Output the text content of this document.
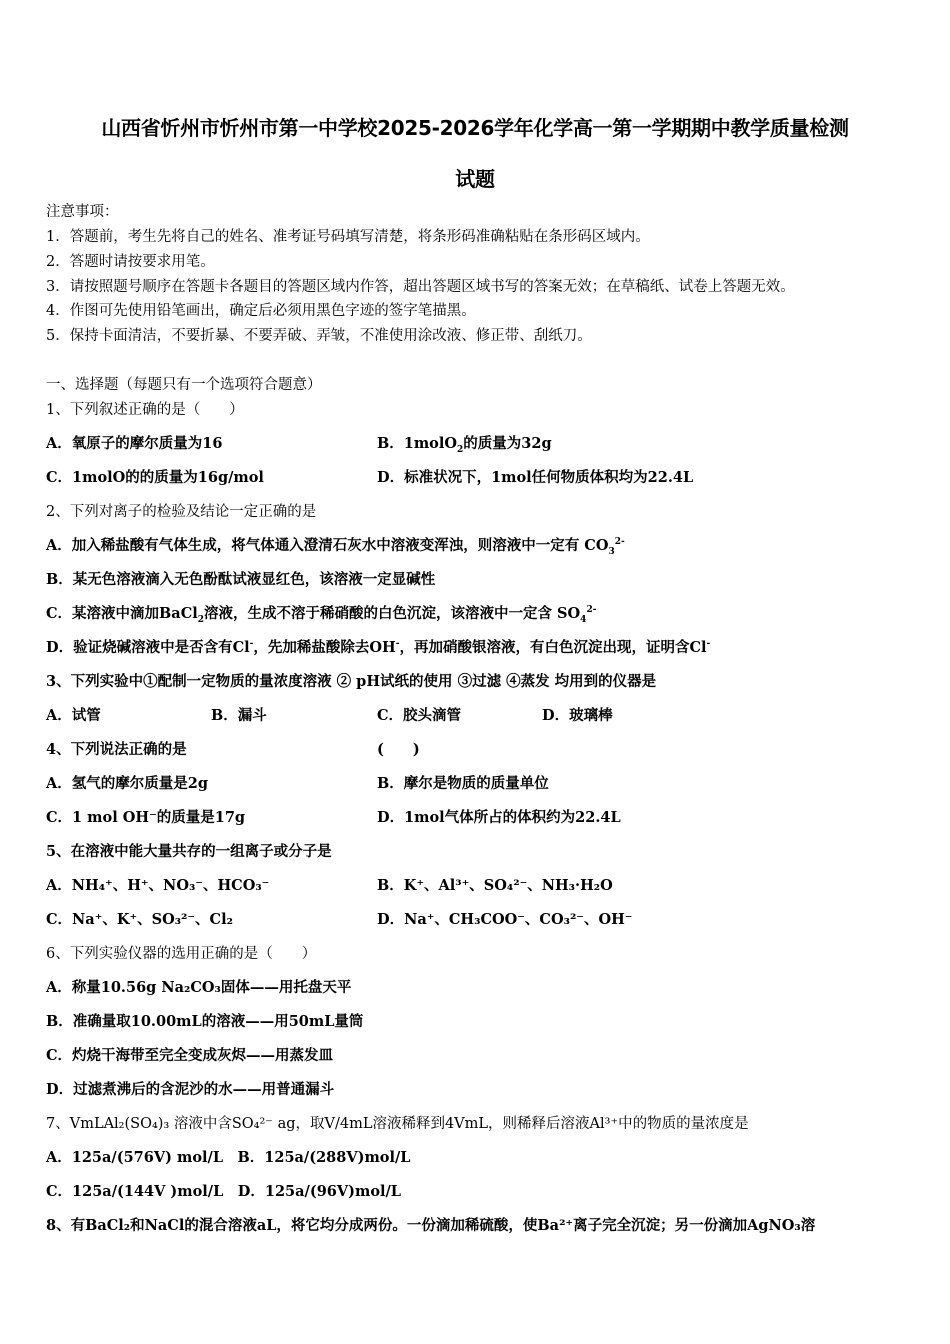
山西省忻州市忻州市第一中学校2025-2026学年化学高一第一学期期中教学质量检测
试题
注意事项：
1．答题前，考生先将自己的姓名、准考证号码填写清楚，将条形码准确粘贴在条形码区域内。
2．答题时请按要求用笔。
3．请按照题号顺序在答题卡各题目的答题区域内作答，超出答题区域书写的答案无效；在草稿纸、试卷上答题无效。
4．作图可先使用铅笔画出，确定后必须用黑色字迹的签字笔描黑。
5．保持卡面清洁，不要折暴、不要弄破、弄皱，不准使用涂改液、修正带、刮纸刀。
一、选择题（每题只有一个选项符合题意）
1、下列叙述正确的是（　　）
A．氧原子的摩尔质量为16	B．1molO$_2$的质量为32g
C．1molO的的质量为16g/mol	D．标准状况下，1mol任何物质体积均为22.4L
2、下列对离子的检验及结论一定正确的是
A．加入稀盐酸有气体生成，将气体通入澄清石灰水中溶液变浑浊，则溶液中一定有 $CO_3^{2-}$
B．某无色溶液滴入无色酚酞试液显红色，该溶液一定显碱性
C．某溶液中滴加BaCl$_2$溶液，生成不溶于稀硝酸的白色沉淀，该溶液中一定含 $SO_4^{2-}$
D．验证烧碱溶液中是否含有Cl-，先加稀盐酸除去OH-，再加硝酸银溶液，有白色沉淀出现，证明含Cl-
3、下列实验中①配制一定物质的量浓度溶液 ② pH试纸的使用 ③过滤 ④蒸发 均用到的仪器是
A．试管	B．漏斗	C．胶头滴管	D．玻璃棒
4、下列说法正确的是	(　　)
A．氢气的摩尔质量是2g	B．摩尔是物质的质量单位
C．1 mol OH⁻的质量是17g	D．1mol气体所占的体积约为22.4L
5、在溶液中能大量共存的一组离子或分子是
A．NH₄⁺、H⁺、NO₃⁻、HCO₃⁻	B．K⁺、Al³⁺、SO₄²⁻、NH₃·H₂O
C．Na⁺、K⁺、SO₃²⁻、Cl₂	D．Na⁺、CH₃COO⁻、CO₃²⁻、OH⁻
6、下列实验仪器的选用正确的是（　　）
A．称量10.56g Na₂CO₃固体——用托盘天平
B．准确量取10.00mL的溶液——用50mL量筒
C．灼烧干海带至完全变成灰烬——用蒸发皿
D．过滤煮沸后的含泥沙的水——用普通漏斗
7、VmLAl₂(SO₄)₃ 溶液中含SO₄²⁻ ag，取V/4mL溶液稀释到4VmL，则稀释后溶液Al³⁺中的物质的量浓度是
A．125a/(576V) mol/L　B．125a/(288V)mol/L
C．125a/(144V )mol/L　D．125a/(96V)mol/L
8、有BaCl₂和NaCl的混合溶液aL，将它均分成两份。一份滴加稀硫酸，使Ba²⁺离子完全沉淀；另一份滴加AgNO₃溶
